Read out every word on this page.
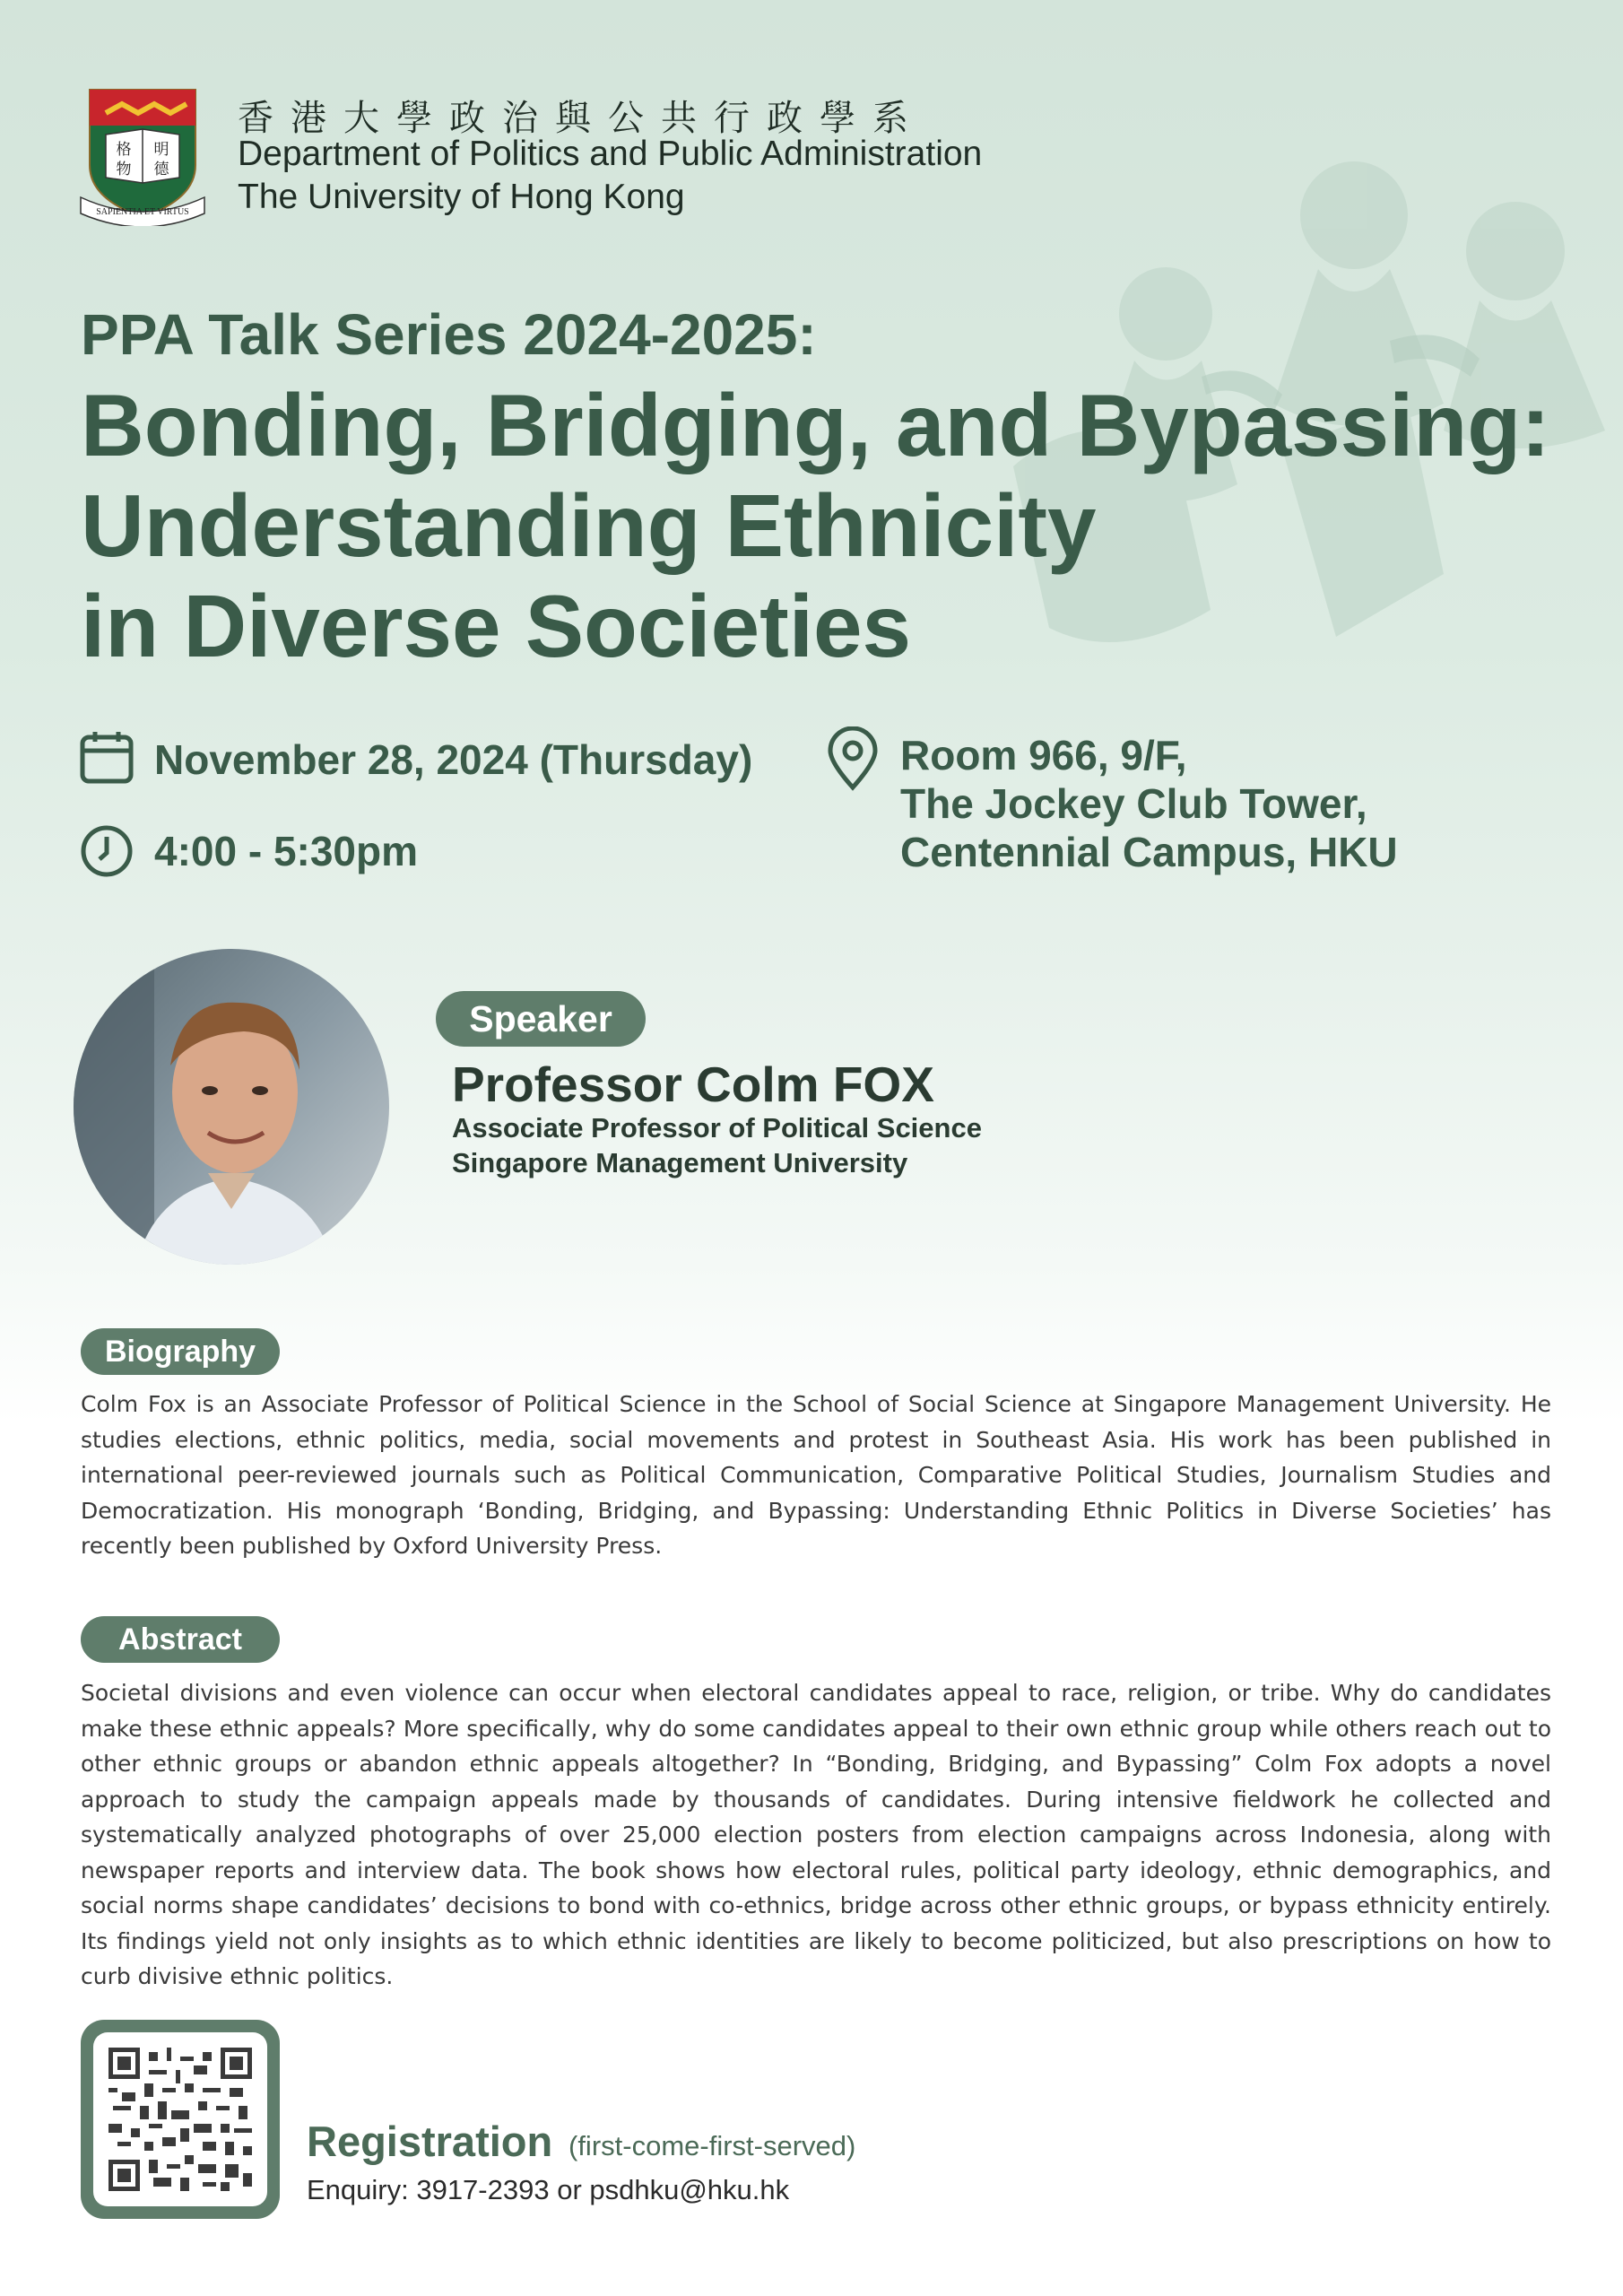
格 明
物 德
SAPIENTIA ET VIRTUS
香港大學政治與公共行政學系
Department of Politics and Public Administration
The University of Hong Kong
PPA Talk Series 2024-2025:
Bonding, Bridging, and Bypassing:
Understanding Ethnicity
in Diverse Societies
November 28, 2024 (Thursday)
4:00 - 5:30pm
Room 966, 9/F,
The Jockey Club Tower,
Centennial Campus, HKU
Speaker
Professor Colm FOX
Associate Professor of Political Science
Singapore Management University
Biography
Colm Fox is an Associate Professor of Political Science in the School of Social Science at Singapore Management University. He studies elections, ethnic politics, media, social movements and protest in Southeast Asia. His work has been published in international peer-reviewed journals such as Political Communication, Comparative Political Studies, Journalism Studies and Democratization. His monograph ‘Bonding, Bridging, and Bypassing: Understanding Ethnic Politics in Diverse Societies’ has recently been published by Oxford University Press.
Abstract
Societal divisions and even violence can occur when electoral candidates appeal to race, religion, or tribe. Why do candidates make these ethnic appeals? More specifically, why do some candidates appeal to their own ethnic group while others reach out to other ethnic groups or abandon ethnic appeals altogether? In “Bonding, Bridging, and Bypassing” Colm Fox adopts a novel approach to study the campaign appeals made by thousands of candidates. During intensive fieldwork he collected and systematically analyzed photographs of over 25,000 election posters from election campaigns across Indonesia, along with newspaper reports and interview data. The book shows how electoral rules, political party ideology, ethnic demographics, and social norms shape candidates’ decisions to bond with co-ethnics, bridge across other ethnic groups, or bypass ethnicity entirely. Its findings yield not only insights as to which ethnic identities are likely to become politicized, but also prescriptions on how to curb divisive ethnic politics.
Registration (first-come-first-served)
Enquiry: 3917-2393 or psdhku@hku.hk
